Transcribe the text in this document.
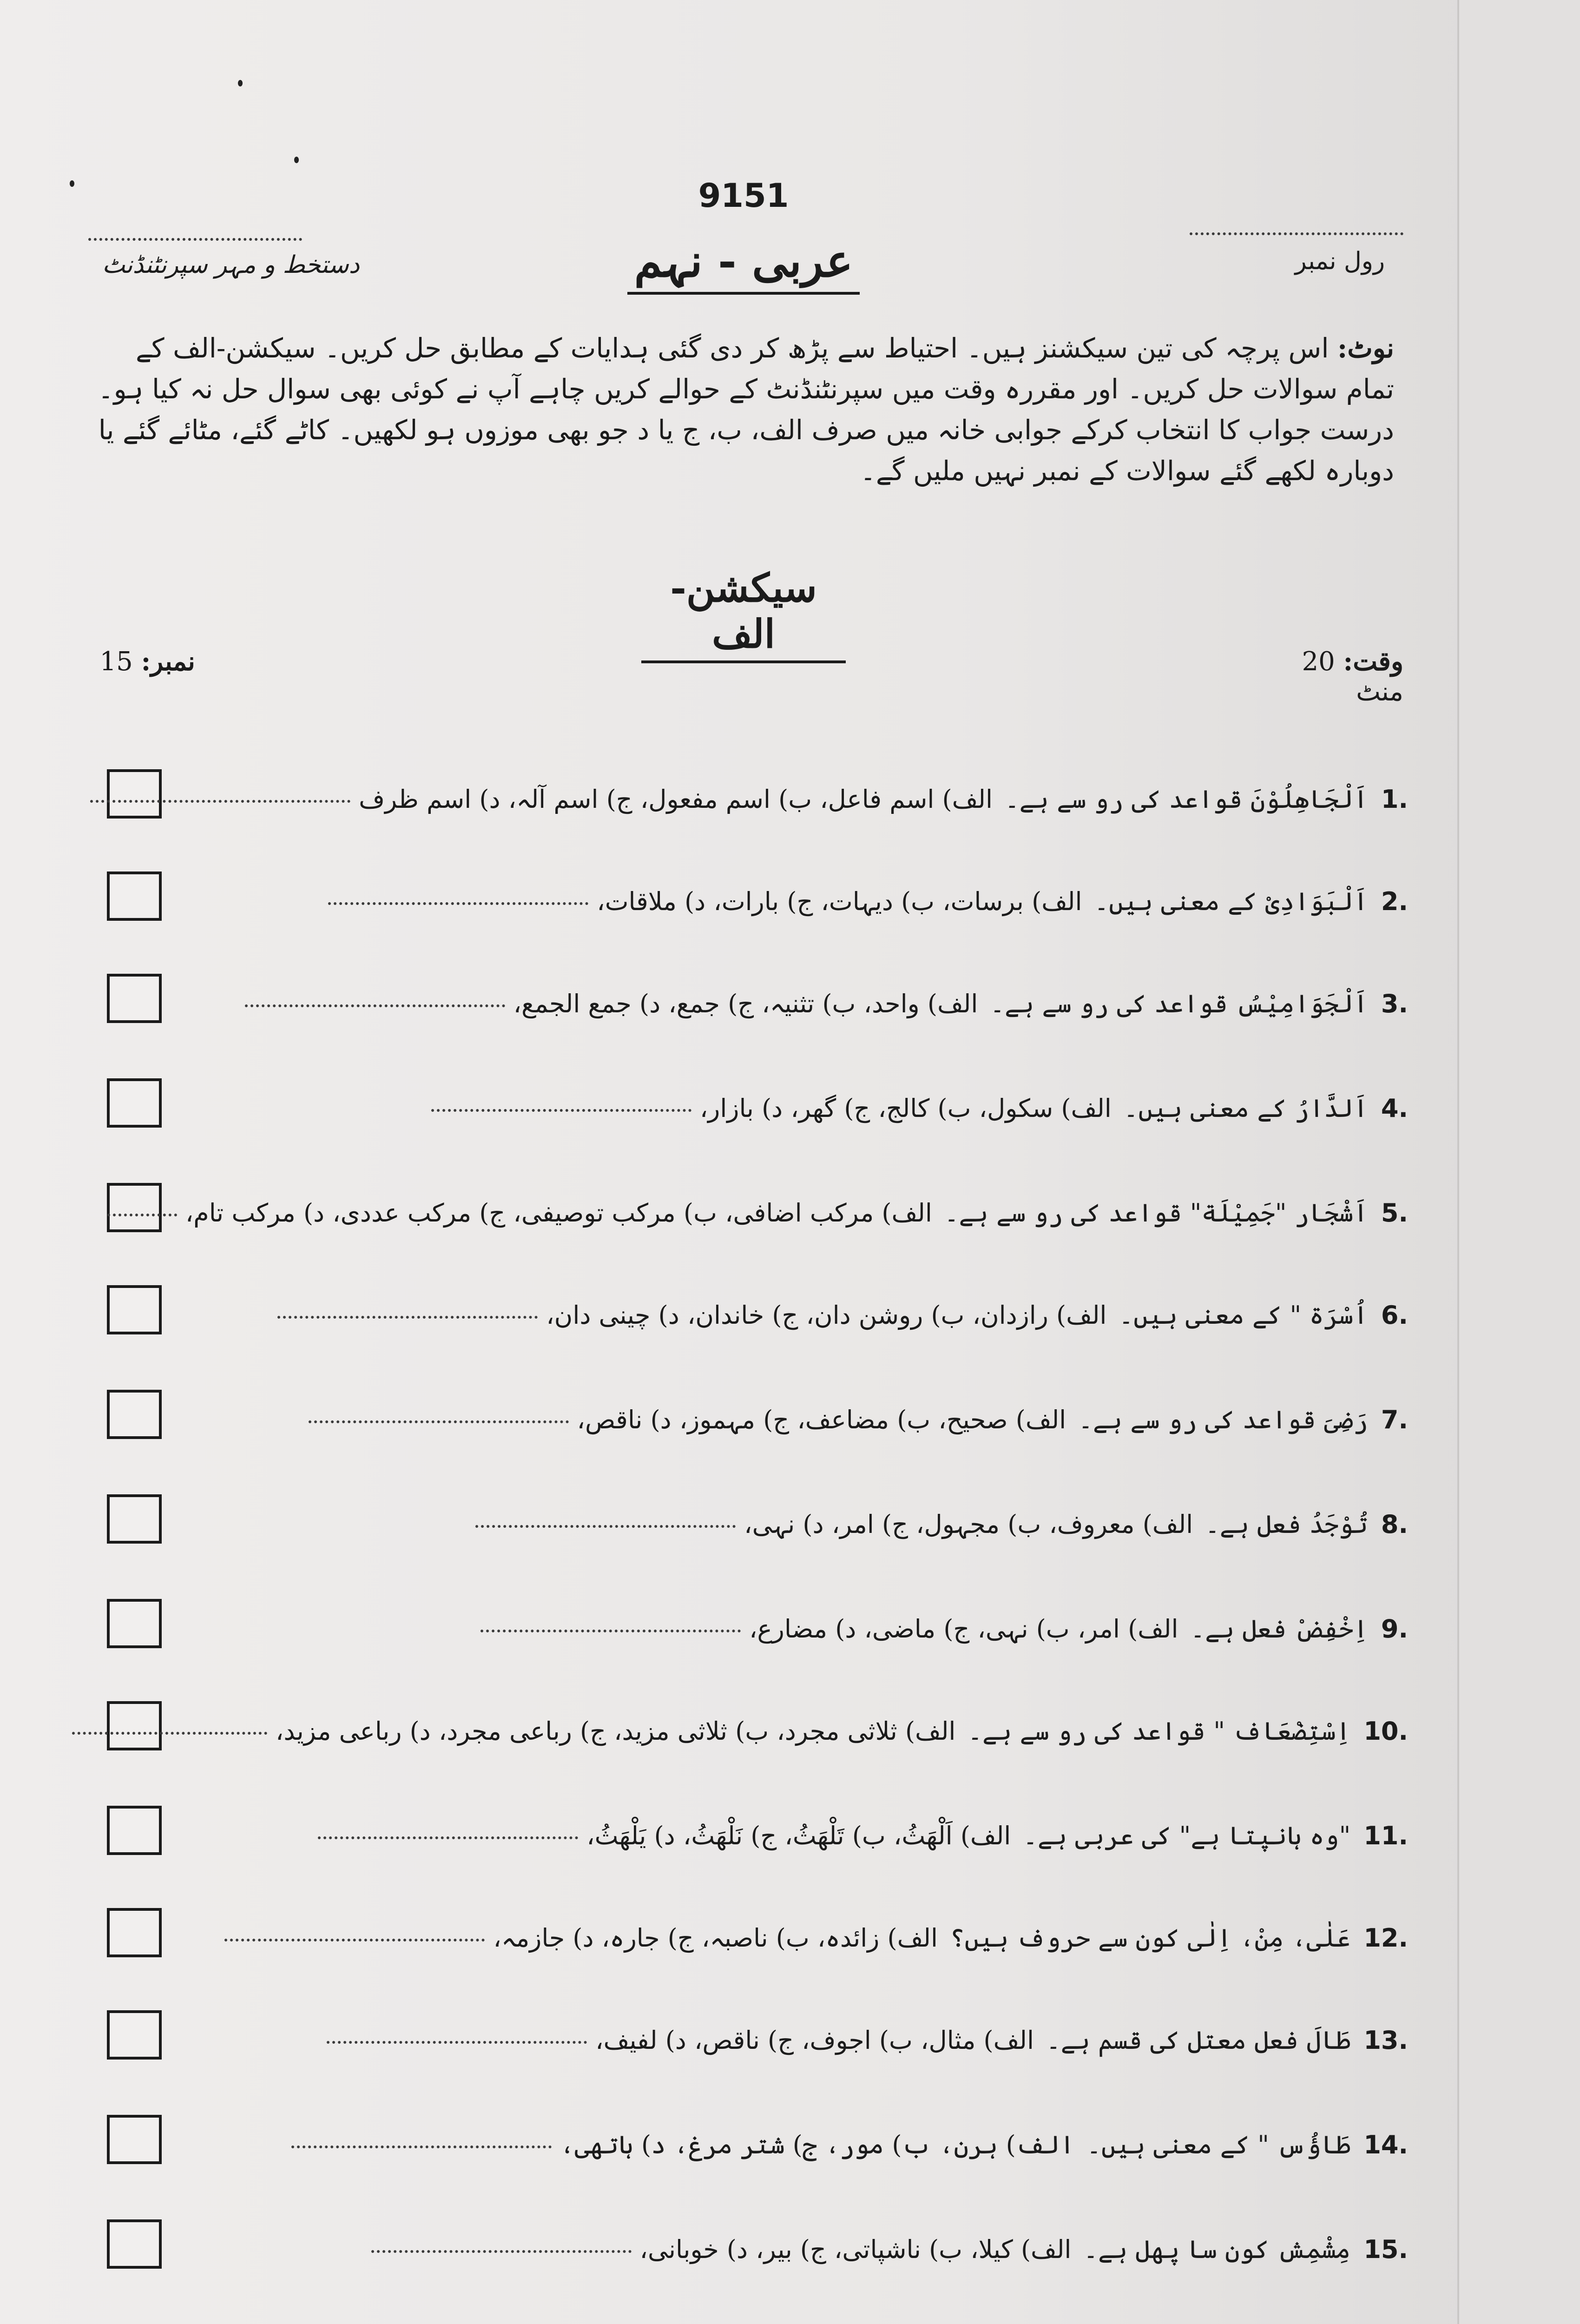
9151
عربی - نہم
دستخط و مہر سپرنٹنڈنٹ	رول نمبر
نوٹ: اس پرچہ کی تین سیکشنز ہیں۔ احتیاط سے پڑھ کر دی گئی ہدایات کے مطابق حل کریں۔ سیکشن-الف کے تمام سوالات حل کریں۔ اور مقررہ وقت میں سپرنٹنڈنٹ کے حوالے کریں چاہے آپ نے کوئی بھی سوال حل نہ کیا ہو۔ درست جواب کا انتخاب کرکے جوابی خانہ میں صرف الف، ب، ج یا د جو بھی موزوں ہو لکھیں۔ کاٹے گئے، مٹائے گئے یا دوبارہ لکھے گئے سوالات کے نمبر نہیں ملیں گے۔
سیکشن-الف
وقت: 20 منٹ
نمبر: 15
.1اَلْجَاهِلُوْنَ قواعد کی رو سے ہے۔الف) اسم فاعل، ب) اسم مفعول، ج) اسم آلہ، د) اسم ظرف
.2اَلْبَوَادِیْ کے معنی ہیں۔الف) برسات، ب) دیہات، ج) بارات، د) ملاقات،
.3اَلْجَوَامِیْسُ قواعد کی رو سے ہے۔الف) واحد، ب) تثنیہ، ج) جمع، د) جمع الجمع،
.4اَلدَّارُ کے معنی ہیں۔الف) سکول، ب) کالج، ج) گھر، د) بازار،
.5اَشْجَار "جَمِیْلَة" قواعد کی رو سے ہے۔الف) مرکب اضافی، ب) مرکب توصیفی، ج) مرکب عددی، د) مرکب تام،
.6اُسْرَة " کے معنی ہیں۔الف) رازدان، ب) روشن دان، ج) خاندان، د) چینی دان،
.7رَضِیَ قواعد کی رو سے ہے۔الف) صحیح، ب) مضاعف، ج) مہموز، د) ناقص،
.8تُوْجَدُ فعل ہے۔الف) معروف، ب) مجہول، ج) امر، د) نہی،
.9اِخْفِضْ فعل ہے۔الف) امر، ب) نہی، ج) ماضی، د) مضارع،
.10اِسْتِضْعَاف " قواعد کی رو سے ہے۔الف) ثلاثی مجرد، ب) ثلاثی مزید، ج) رباعی مجرد، د) رباعی مزید،
.11"وہ ہانپتا ہے" کی عربی ہے۔الف) اَلْهَثُ، ب) تَلْهَثُ، ج) نَلْهَثُ، د) يَلْهَثُ،
.12عَلٰی، مِنْ، اِلٰی کون سے حروف ہیں؟الف) زائدہ، ب) ناصبہ، ج) جارہ، د) جازمہ،
.13طَالَ فعل معتل کی قسم ہے۔الف) مثال، ب) اجوف، ج) ناقص، د) لفیف،
.14طَاؤُس " کے معنی ہیں۔الف) ہرن، ب) مور، ج) شتر مرغ، د) ہاتھی،
.15مِشْمِش کون سا پھل ہے۔الف) کیلا، ب) ناشپاتی، ج) بیر، د) خوبانی،
